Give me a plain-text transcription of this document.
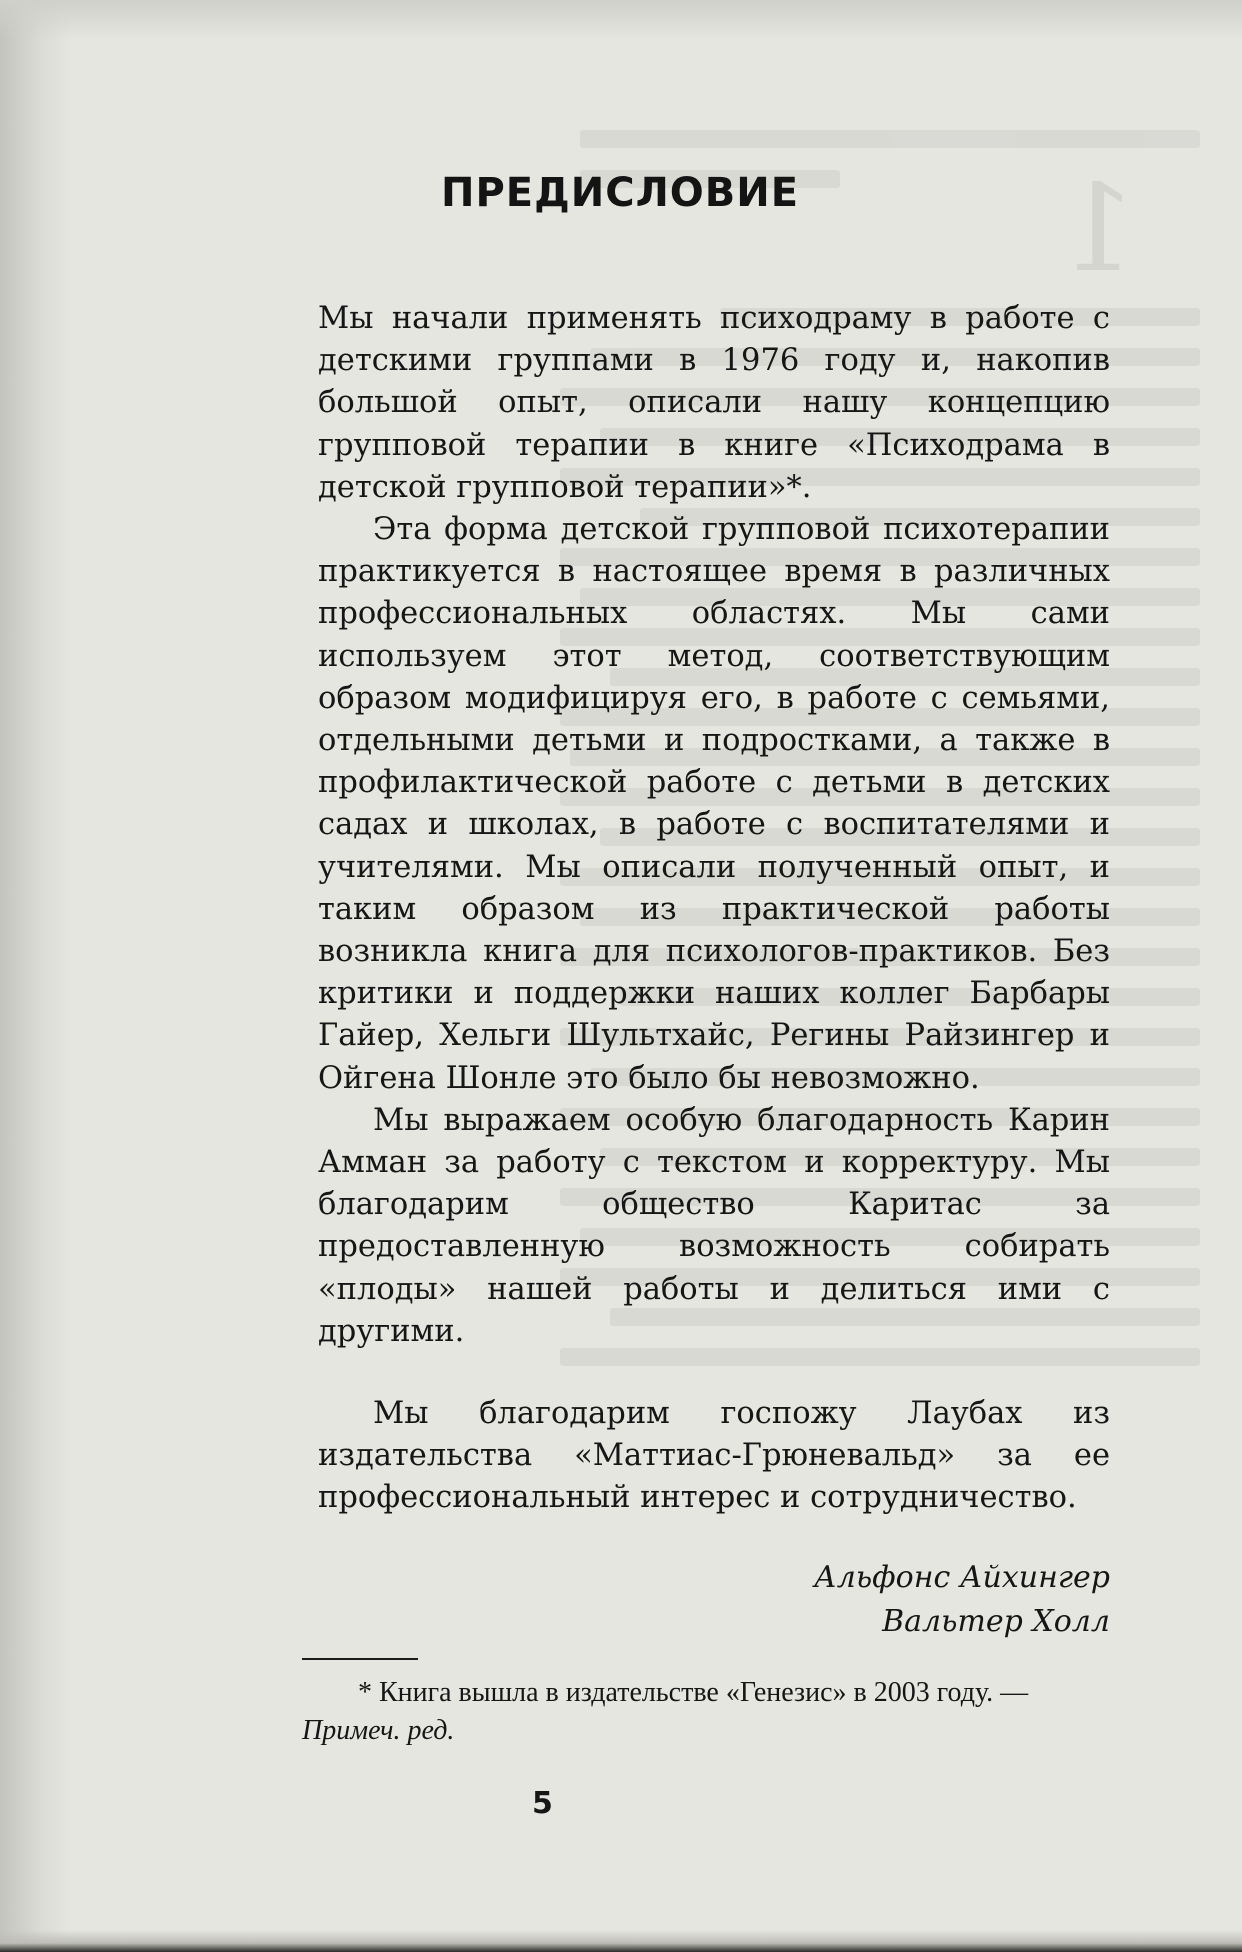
1
ПРЕДИСЛОВИЕ

Мы начали применять психодраму в работе с детскими группами в 1976 году и, накопив большой опыт, описали нашу концепцию групповой терапии в книге «Психодрама в детской групповой терапии»*.

Эта форма детской групповой психотерапии практикуется в настоящее время в различных профессиональных областях. Мы сами используем этот метод, соответствующим образом модифицируя его, в работе с семьями, отдельными детьми и подростками, а также в профилактической работе с детьми в детских садах и школах, в работе с воспитателями и учителями. Мы описали полученный опыт, и таким образом из практической работы возникла книга для психологов-практиков. Без критики и поддержки наших коллег Барбары Гайер, Хельги Шультхайс, Регины Райзингер и Ойгена Шонле это было бы невозможно.

Мы выражаем особую благодарность Карин Амман за работу с текстом и корректуру. Мы благодарим общество Каритас за предоставленную возможность собирать «плоды» нашей работы и делиться ими с другими.

Мы благодарим госпожу Лаубах из издательства «Маттиас-Грюневальд» за ее профессиональный интерес и сотрудничество.

Альфонс Айхингер
Вальтер Холл
* Книга вышла в издательстве «Генезис» в 2003 году. — Примеч. ред.
5
